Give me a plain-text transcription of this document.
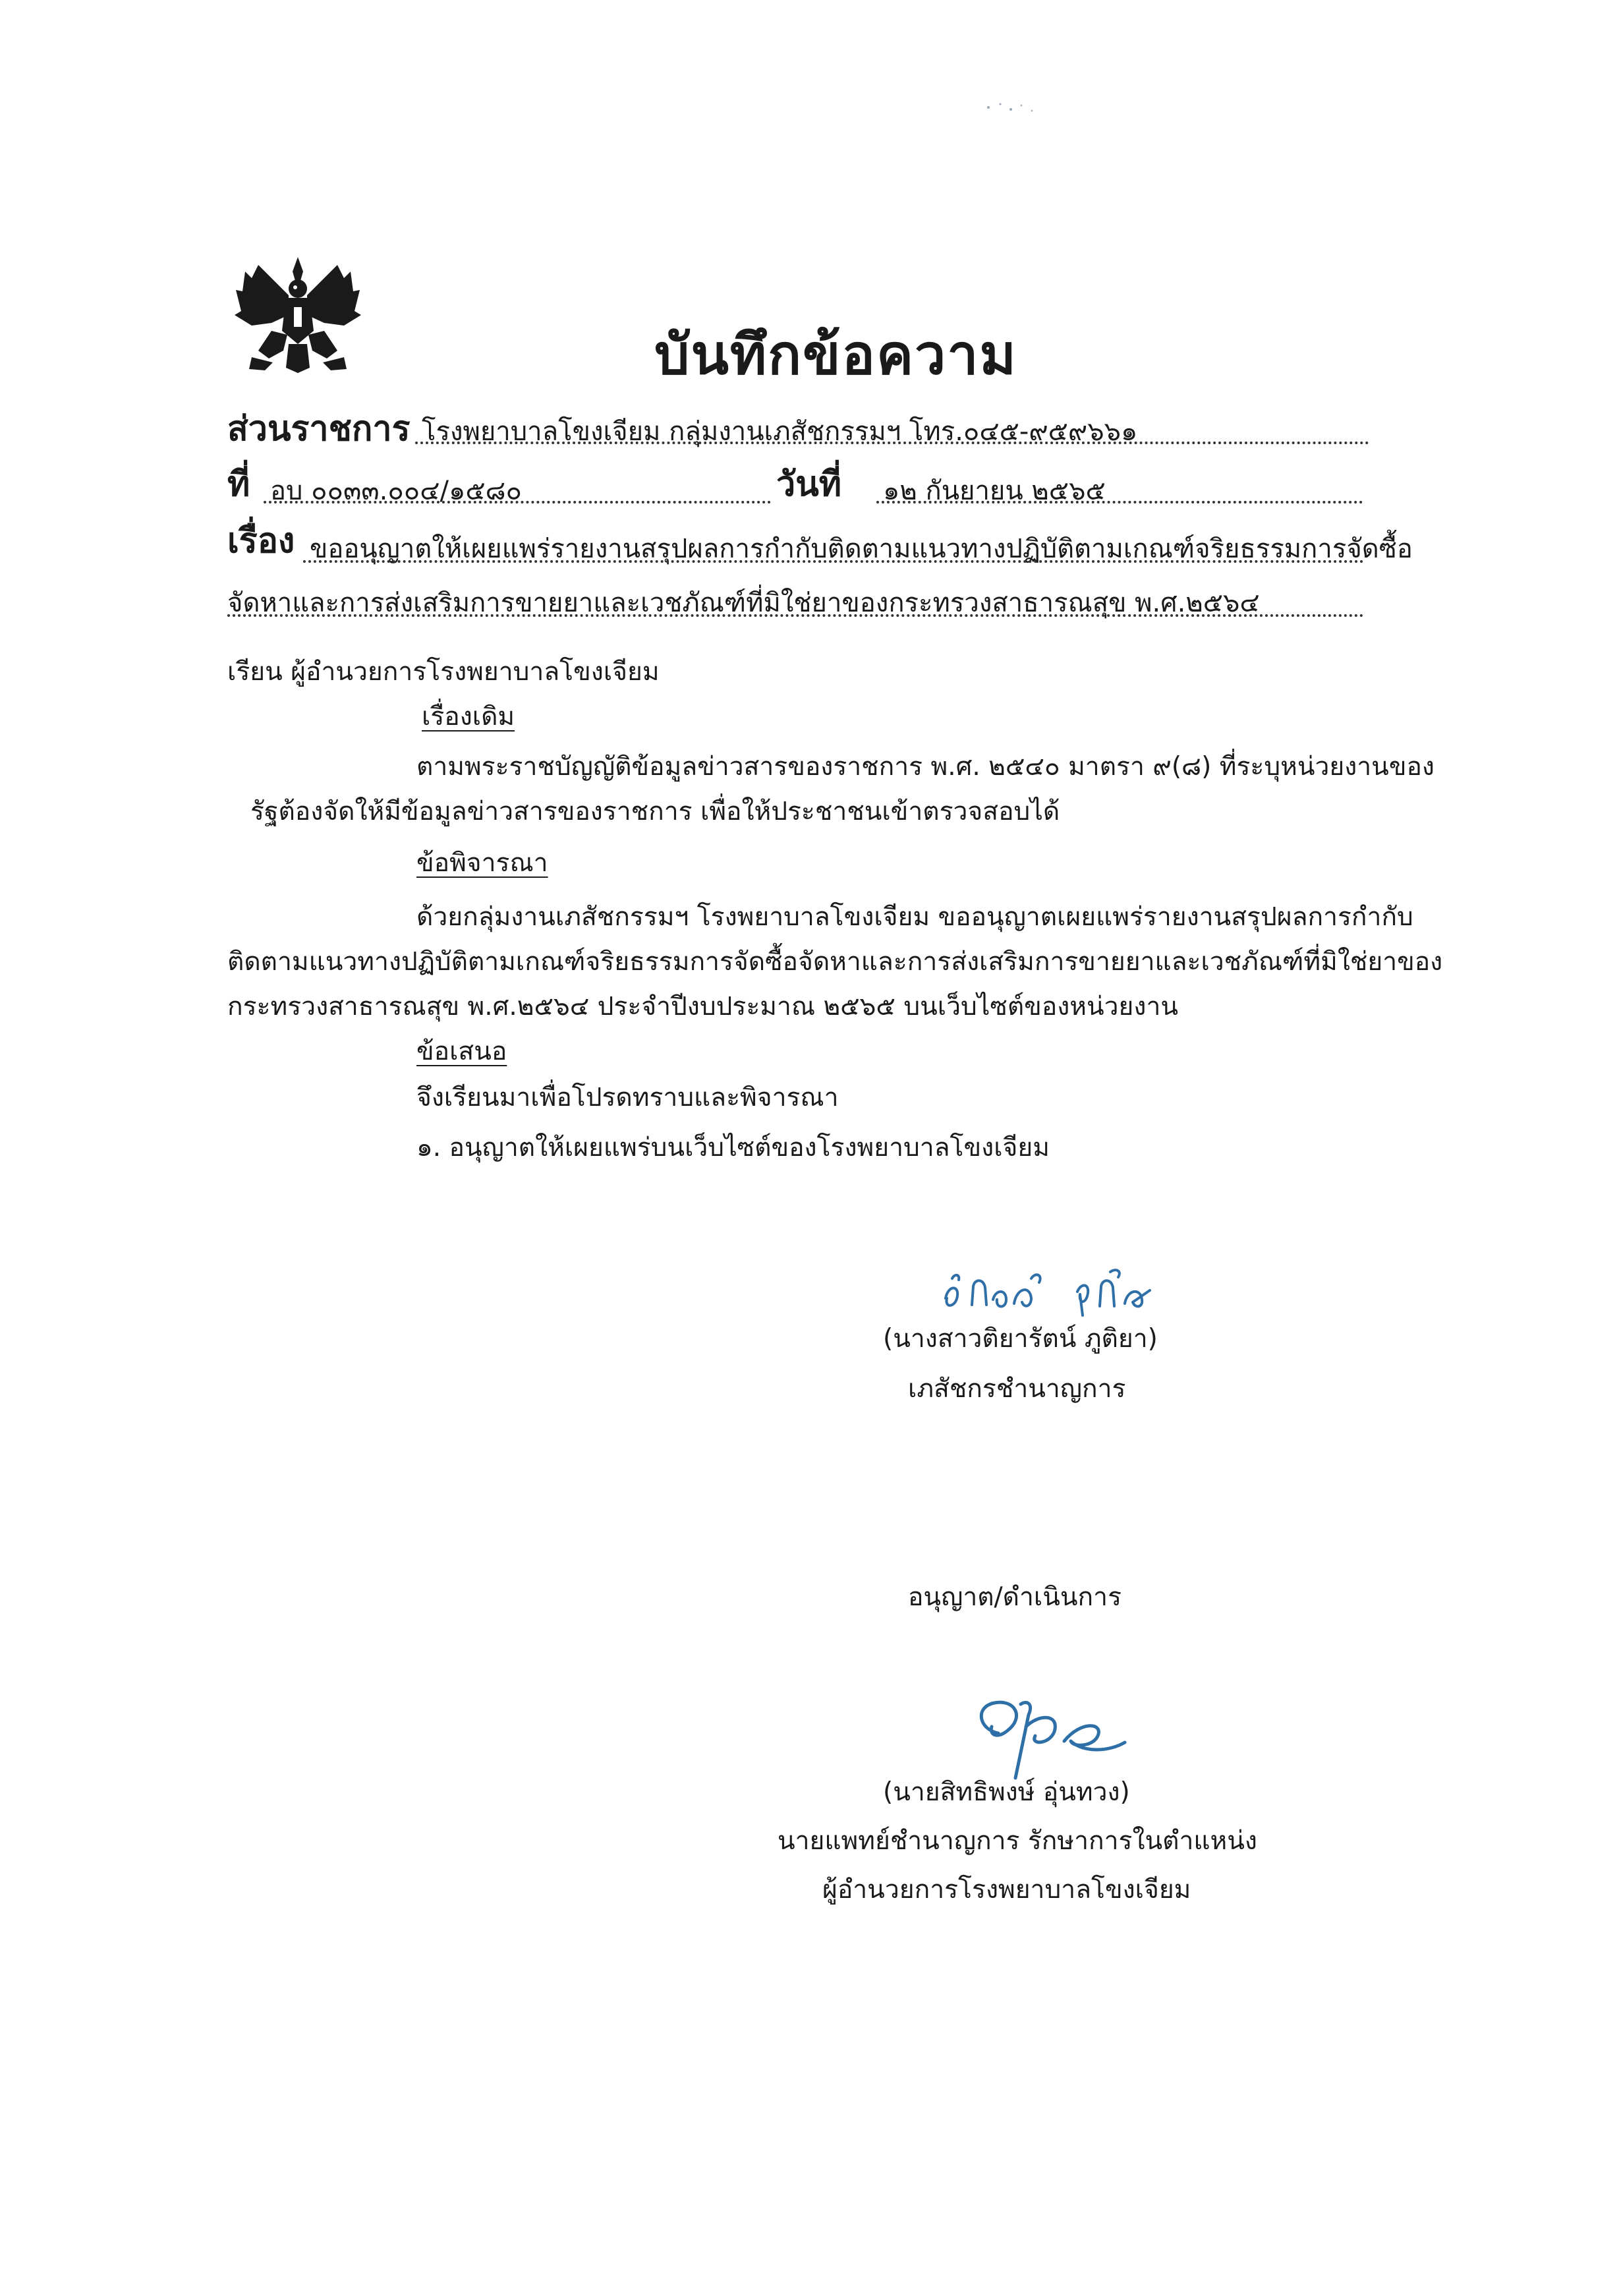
บันทึกข้อความ
ส่วนราชการ โรงพยาบาลโขงเจียม กลุ่มงานเภสัชกรรมฯ โทร.๐๔๕-๙๕๙๖๖๑
ที่ อบ ๐๐๓๓.๐๐๔/๑๕๘๐	วันที่ ๑๒ กันยายน ๒๕๖๕
เรื่อง ขออนุญาตให้เผยแพร่รายงานสรุปผลการกำกับติดตามแนวทางปฏิบัติตามเกณฑ์จริยธรรมการจัดซื้อ
จัดหาและการส่งเสริมการขายยาและเวชภัณฑ์ที่มิใช่ยาของกระทรวงสาธารณสุข พ.ศ.๒๕๖๔
เรียน ผู้อำนวยการโรงพยาบาลโขงเจียม
เรื่องเดิม
ตามพระราชบัญญัติข้อมูลข่าวสารของราชการ พ.ศ. ๒๕๔๐ มาตรา ๙(๘) ที่ระบุหน่วยงานของ
รัฐต้องจัดให้มีข้อมูลข่าวสารของราชการ เพื่อให้ประชาชนเข้าตรวจสอบได้
ข้อพิจารณา
ด้วยกลุ่มงานเภสัชกรรมฯ โรงพยาบาลโขงเจียม ขออนุญาตเผยแพร่รายงานสรุปผลการกำกับ
ติดตามแนวทางปฏิบัติตามเกณฑ์จริยธรรมการจัดซื้อจัดหาและการส่งเสริมการขายยาและเวชภัณฑ์ที่มิใช่ยาของ
กระทรวงสาธารณสุข พ.ศ.๒๕๖๔ ประจำปีงบประมาณ ๒๕๖๕ บนเว็บไซต์ของหน่วยงาน
ข้อเสนอ
จึงเรียนมาเพื่อโปรดทราบและพิจารณา
๑. อนุญาตให้เผยแพร่บนเว็บไซต์ของโรงพยาบาลโขงเจียม
(นางสาวติยารัตน์ ภูติยา)
เภสัชกรชำนาญการ
อนุญาต/ดำเนินการ
(นายสิทธิพงษ์ อุ่นทวง)
นายแพทย์ชำนาญการ รักษาการในตำแหน่ง
ผู้อำนวยการโรงพยาบาลโขงเจียม
